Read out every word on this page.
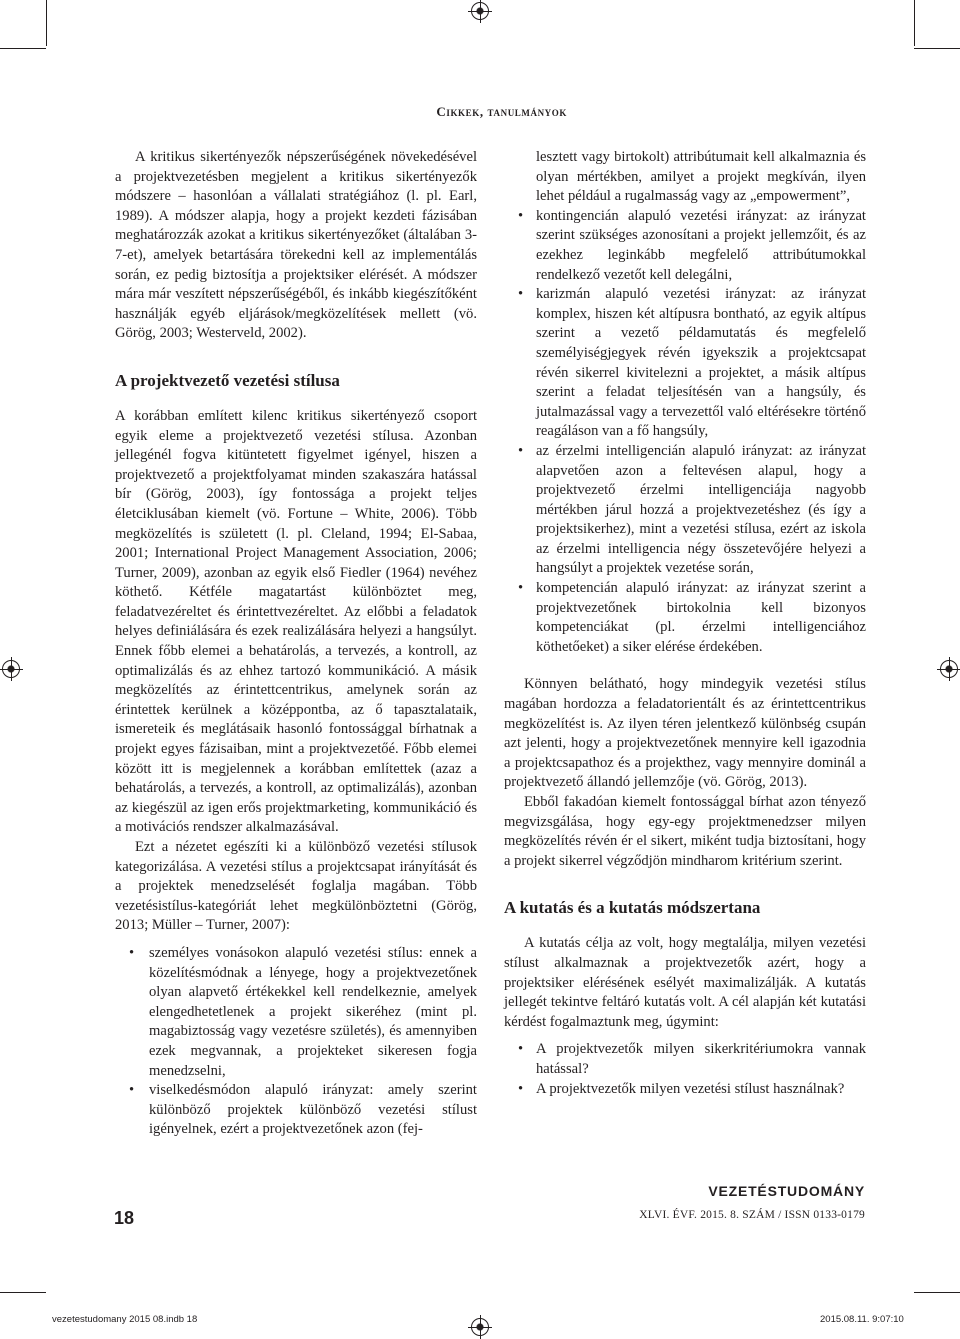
Cikkek, tanulmányok

A kritikus sikertényezők népszerűségének növekedésével a projektvezetésben megjelent a kritikus sikertényezők módszere – hasonlóan a vállalati stratégiához (l. pl. Earl, 1989). A módszer alapja, hogy a projekt kezdeti fázisában meghatározzák azokat a kritikus sikertényezőket (általában 3-7-et), amelyek betartására törekedni kell az implementálás során, ez pedig biztosítja a projektsiker elérését. A módszer mára már veszített népszerűségéből, és inkább kiegészítőként használják egyéb eljárások/megközelítések mellett (vö. Görög, 2003; Westerveld, 2002).

A projektvezető vezetési stílusa

A korábban említett kilenc kritikus sikertényező csoport egyik eleme a projektvezető vezetési stílusa. Azonban jellegénél fogva kitüntetett figyelmet igényel, hiszen a projektvezető a projektfolyamat minden szakaszára hatással bír (Görög, 2003), így fontossága a projekt teljes életciklusában kiemelt (vö. Fortune – White, 2006). Több megközelítés is született (l. pl. Cleland, 1994; El-Sabaa, 2001; International Project Management Association, 2006; Turner, 2009), azonban az egyik első Fiedler (1964) nevéhez köthető. Kétféle magatartást különböztet meg, feladatvezéreltet és érintettvezéreltet. Az előbbi a feladatok helyes definiálására és ezek realizálására helyezi a hangsúlyt. Ennek főbb elemei a behatárolás, a tervezés, a kontroll, az optimalizálás és az ehhez tartozó kommunikáció. A másik megközelítés az érintettcentrikus, amelynek során az érintettek kerülnek a középpontba, az ő tapasztalataik, ismereteik és meglátásaik hasonló fontossággal bírhatnak a projekt egyes fázisaiban, mint a projektvezetőé. Főbb elemei között itt is megjelennek a korábban említettek (azaz a behatárolás, a tervezés, a kontroll, az optimalizálás), azonban az kiegészül az igen erős projektmarketing, kommunikáció és a motivációs rendszer alkalmazásával.

Ezt a nézetet egészíti ki a különböző vezetési stílusok kategorizálása. A vezetési stílus a projektcsapat irányítását és a projektek menedzselését foglalja magában. Több vezetésistílus-kategóriát lehet megkülönböztetni (Görög, 2013; Müller – Turner, 2007):

• személyes vonásokon alapuló vezetési stílus: ennek a közelítésmódnak a lényege, hogy a projektvezetőnek olyan alapvető értékekkel kell rendelkeznie, amelyek elengedhetetlenek a projekt sikeréhez (mint pl. magabiztosság vagy vezetésre születés), és amennyiben ezek megvannak, a projekteket sikeresen fogja menedzselni,
• viselkedésmódon alapuló irányzat: amely szerint különböző projektek különböző vezetési stílust igényelnek, ezért a projektvezetőnek azon (fej-
lesztett vagy birtokolt) attribútumait kell alkalmaznia és olyan mértékben, amilyet a projekt megkíván, ilyen lehet például a rugalmasság vagy az „empowerment”,
• kontingencián alapuló vezetési irányzat: az irányzat szerint szükséges azonosítani a projekt jellemzőit, és az ezekhez leginkább megfelelő attribútumokkal rendelkező vezetőt kell delegálni,
• karizmán alapuló vezetési irányzat: az irányzat komplex, hiszen két altípusra bontható, az egyik altípus szerint a vezető példamutatás és megfelelő személyiségjegyek révén igyekszik a projektcsapat révén sikerrel kivitelezni a projektet, a másik altípus szerint a feladat teljesítésén van a hangsúly, és jutalmazással vagy a tervezettől való eltérésekre történő reagáláson van a fő hangsúly,
• az érzelmi intelligencián alapuló irányzat: az irányzat alapvetően azon a feltevésen alapul, hogy a projektvezető érzelmi intelligenciája nagyobb mértékben járul hozzá a projektvezetéshez (és így a projektsikerhez), mint a vezetési stílusa, ezért az iskola az érzelmi intelligencia négy összetevőjére helyezi a hangsúlyt a projektek vezetése során,
• kompetencián alapuló irányzat: az irányzat szerint a projektvezetőnek birtokolnia kell bizonyos kompetenciákat (pl. érzelmi intelligenciához köthetőeket) a siker elérése érdekében.

Könnyen belátható, hogy mindegyik vezetési stílus magában hordozza a feladatorientált és az érintettcentrikus megközelítést is. Az ilyen téren jelentkező különbség csupán azt jelenti, hogy a projektvezetőnek mennyire kell igazodnia a projektcsapathoz és a projekthez, vagy mennyire dominál a projektvezető állandó jellemzője (vö. Görög, 2013).

Ebből fakadóan kiemelt fontossággal bírhat azon tényező megvizsgálása, hogy egy-egy projektmenedzser milyen megközelítés révén ér el sikert, miként tudja biztosítani, hogy a projekt sikerrel végződjön mindharom kritérium szerint.

A kutatás és a kutatás módszertana

A kutatás célja az volt, hogy megtalálja, milyen vezetési stílust alkalmaznak a projektvezetők azért, hogy a projektsiker elérésének esélyét maximalizálják. A kutatás jellegét tekintve feltáró kutatás volt. A cél alapján két kutatási kérdést fogalmaztunk meg, úgymint:

• A projektvezetők milyen sikerkritériumokra vannak hatással?
• A projektvezetők milyen vezetési stílust használnak?
VEZETÉSTUDOMÁNY
XLVI. ÉVF. 2015. 8. SZÁM / ISSN 0133-0179
18
vezetestudomany 2015 08.indb 18	2015.08.11. 9:07:10
